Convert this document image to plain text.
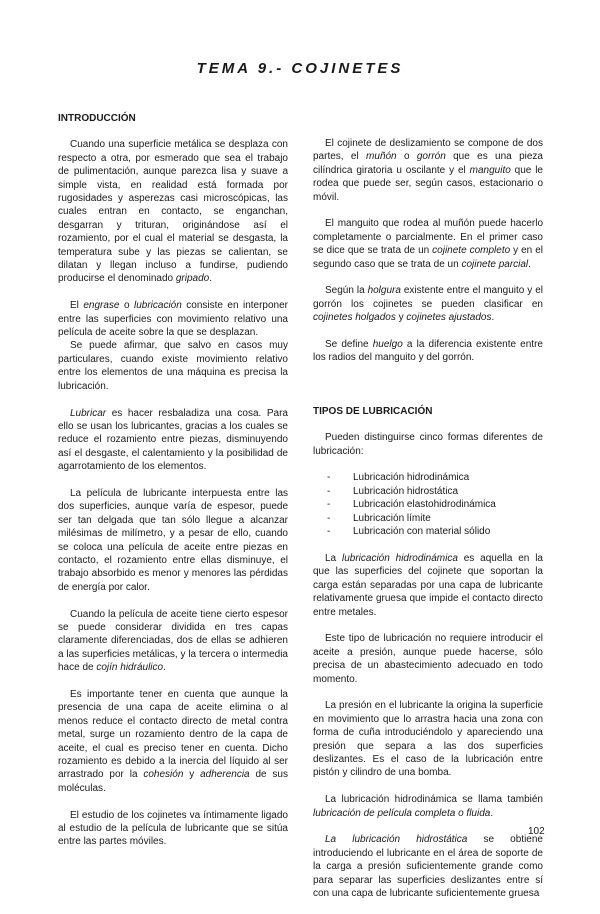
TEMA 9.- COJINETES
INTRODUCCIÓN

Cuando una superficie metálica se desplaza con respecto a otra, por esmerado que sea el trabajo de pulimentación, aunque parezca lisa y suave a simple vista, en realidad está formada por rugosidades y asperezas casi microscópicas, las cuales entran en contacto, se enganchan, desgarran y trituran, originándose así el rozamiento, por el cual el material se desgasta, la temperatura sube y las piezas se calientan, se dilatan y llegan incluso a fundirse, pudiendo producirse el denominado gripado.

El engrase o lubricación consiste en interponer entre las superficies con movimiento relativo una película de aceite sobre la que se desplazan.

Se puede afirmar, que salvo en casos muy particulares, cuando existe movimiento relativo entre los elementos de una máquina es precisa la lubricación.

Lubricar es hacer resbaladiza una cosa. Para ello se usan los lubricantes, gracias a los cuales se reduce el rozamiento entre piezas, disminuyendo así el desgaste, el calentamiento y la posibilidad de agarrotamiento de los elementos.

La película de lubricante interpuesta entre las dos superficies, aunque varía de espesor, puede ser tan delgada que tan sólo llegue a alcanzar milésimas de milímetro, y a pesar de ello, cuando se coloca una película de aceite entre piezas en contacto, el rozamiento entre ellas disminuye, el trabajo absorbido es menor y menores las pérdidas de energía por calor.

Cuando la película de aceite tiene cierto espesor se puede considerar dividida en tres capas claramente diferenciadas, dos de ellas se adhieren a las superficies metálicas, y la tercera o intermedia hace de cojín hidráulico.

Es importante tener en cuenta que aunque la presencia de una capa de aceite elimina o al menos reduce el contacto directo de metal contra metal, surge un rozamiento dentro de la capa de aceite, el cual es preciso tener en cuenta. Dicho rozamiento es debido a la inercia del líquido al ser arrastrado por la cohesión y adherencia de sus moléculas.

El estudio de los cojinetes va íntimamente ligado al estudio de la película de lubricante que se sitúa entre las partes móviles.

El cojinete de deslizamiento se compone de dos partes, el muñón o gorrón que es una pieza cilíndrica giratoria u oscilante y el manguito que le rodea que puede ser, según casos, estacionario o móvil.

El manguito que rodea al muñón puede hacerlo completamente o parcialmente. En el primer caso se dice que se trata de un cojinete completo y en el segundo caso que se trata de un cojinete parcial.

Según la holgura existente entre el manguito y el gorrón los cojinetes se pueden clasificar en cojinetes holgados y cojinetes ajustados.

Se define huelgo a la diferencia existente entre los radios del manguito y del gorrón.

TIPOS DE LUBRICACIÓN

Pueden distinguirse cinco formas diferentes de lubricación:

- Lubricación hidrodinámica
- Lubricación hidrostática
- Lubricación elastohidrodinámica
- Lubricación límite
- Lubricación con material sólido

La lubricación hidrodinámica es aquella en la que las superficies del cojinete que soportan la carga están separadas por una capa de lubricante relativamente gruesa que impide el contacto directo entre metales.

Este tipo de lubricación no requiere introducir el aceite a presión, aunque puede hacerse, sólo precisa de un abastecimiento adecuado en todo momento.

La presión en el lubricante la origina la superficie en movimiento que lo arrastra hacia una zona con forma de cuña introduciéndolo y apareciendo una presión que separa a las dos superficies deslizantes. Es el caso de la lubricación entre pistón y cilindro de una bomba.

La lubricación hidrodinámica se llama también lubricación de película completa o fluida.

La lubricación hidrostática se obtiene introduciendo el lubricante en el área de soporte de la carga a presión suficientemente grande como para separar las superficies deslizantes entre sí con una capa de lubricante suficientemente gruesa

102
